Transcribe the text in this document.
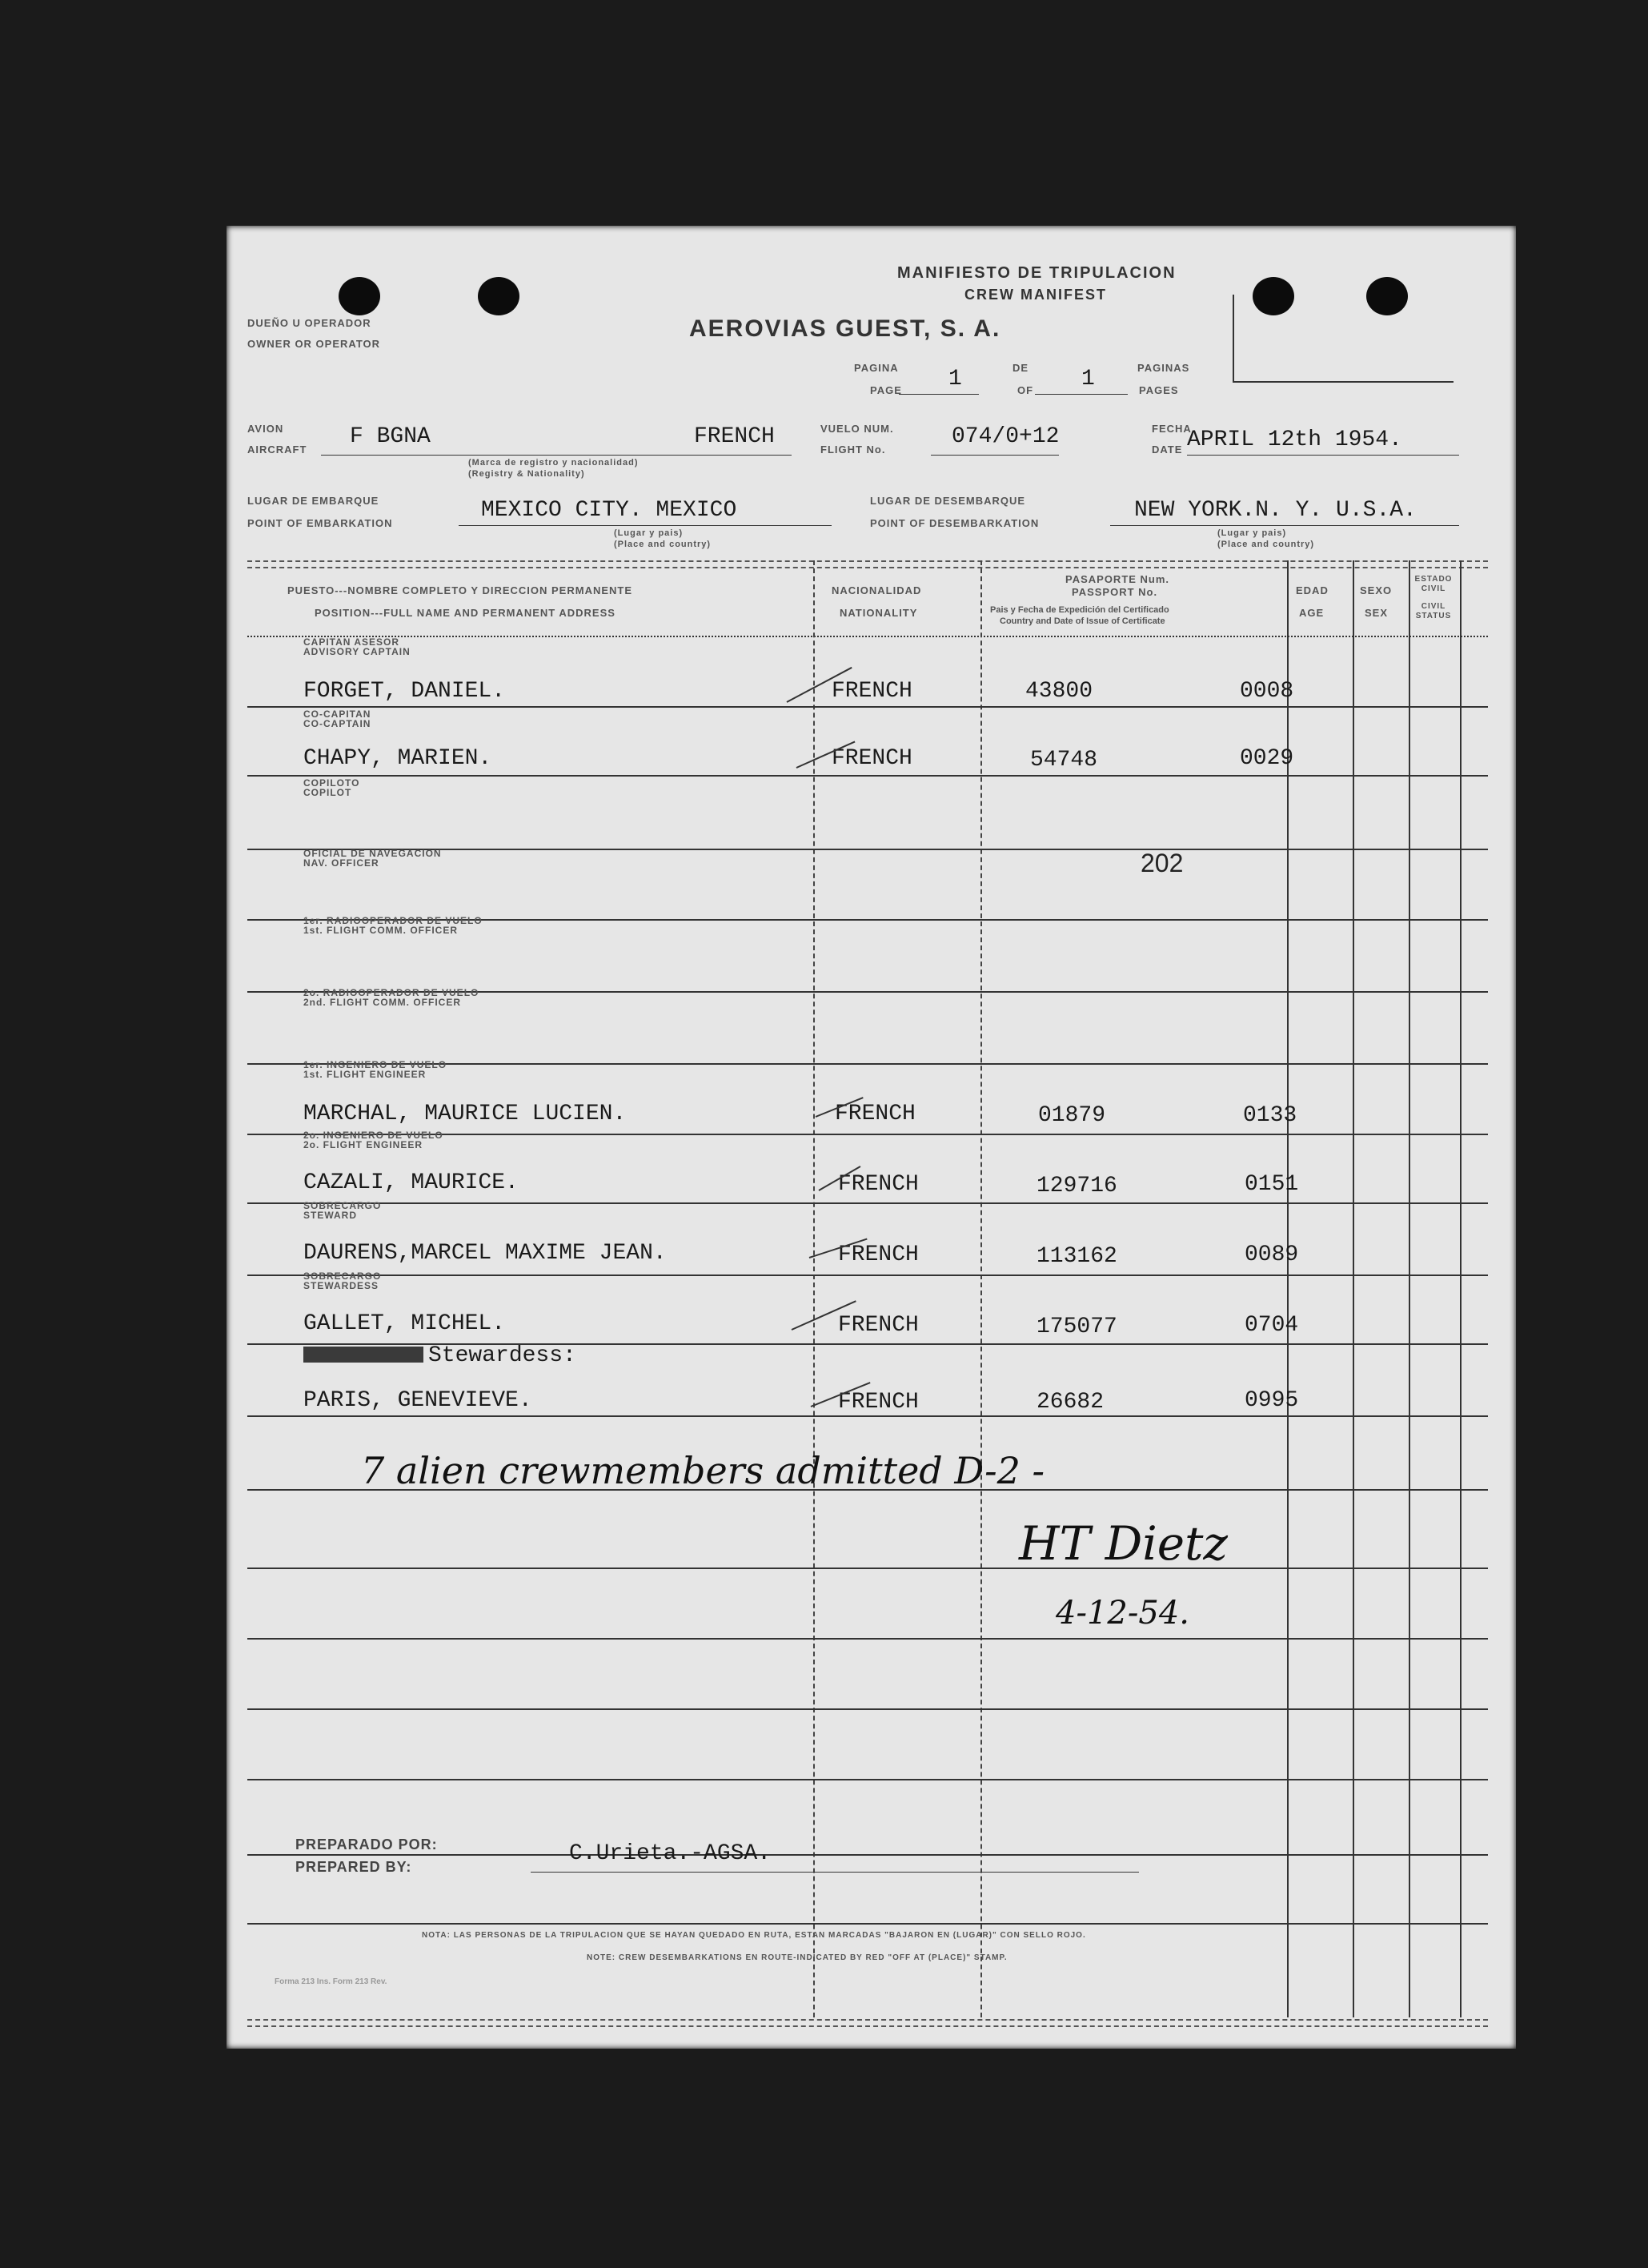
MANIFIESTO DE TRIPULACION
CREW MANIFEST
DUEÑO U OPERADOR
OWNER OR OPERATOR
AEROVIAS GUEST, S. A.
PAGINA
PAGE 1	DE
OF 1	PAGINAS
PAGES
AVION
AIRCRAFT
F BGNA	FRENCH
(Marca de registro y nacionalidad)
(Registry & Nationality)
VUELO NUM.
FLIGHT No.
074/0+12	FECHA
DATE APRIL 12th 1954.
LUGAR DE EMBARQUE
POINT OF EMBARKATION
MEXICO CITY. MEXICO
(Lugar y pais)
(Place and country)
LUGAR DE DESEMBARQUE
POINT OF DESEMBARKATION
NEW YORK.N. Y. U.S.A.
(Lugar y pais)
(Place and country)
PUESTO---NOMBRE COMPLETO Y DIRECCION PERMANENTE
POSITION---FULL NAME AND PERMANENT ADDRESS
NACIONALIDAD
NATIONALITY
PASAPORTE Num.
PASSPORT No.
Pais y Fecha de Expedición del Certificado
Country and Date of Issue of Certificate
EDAD
AGE
SEXO
SEX
ESTADO CIVIL
CIVIL STATUS
CAPITAN ASESOR
ADVISORY CAPTAIN
FORGET, DANIEL.	FRENCH	43800	0008
CO-CAPITAN
CO-CAPTAIN
CHAPY, MARIEN.	FRENCH	54748	0029
COPILOTO
COPILOT
OFICIAL DE NAVEGACION
NAV. OFFICER	202
1er. RADIOOPERADOR DE VUELO
1st. FLIGHT COMM. OFFICER
2o. RADIOOPERADOR DE VUELO
2nd. FLIGHT COMM. OFFICER
1er. INGENIERO DE VUELO
1st. FLIGHT ENGINEER
MARCHAL, MAURICE LUCIEN.	FRENCH	01879	0133
2o. INGENIERO DE VUELO
2o. FLIGHT ENGINEER
CAZALI, MAURICE.	FRENCH	129716	0151
SOBRECARGO
STEWARD
DAURENS,MARCEL MAXIME JEAN.	FRENCH	113162	0089
SOBRECARGO
STEWARDESS
GALLET, MICHEL.	FRENCH	175077	0704
Stewardess:
PARIS, GENEVIEVE.	FRENCH	26682	0995
7 alien crewmembers admitted D-2 -
HT Dietz
4-12-54.
PREPARADO POR:
PREPARED BY:
C.Urieta.-AGSA.
NOTA: LAS PERSONAS DE LA TRIPULACION QUE SE HAYAN QUEDADO EN RUTA, ESTAN MARCADAS "BAJARON EN (LUGAR)" CON SELLO ROJO.
NOTE: CREW DESEMBARKATIONS EN ROUTE-INDICATED BY RED "OFF AT (PLACE)" STAMP.
Forma 213 Ins. Form 213 Rev.
